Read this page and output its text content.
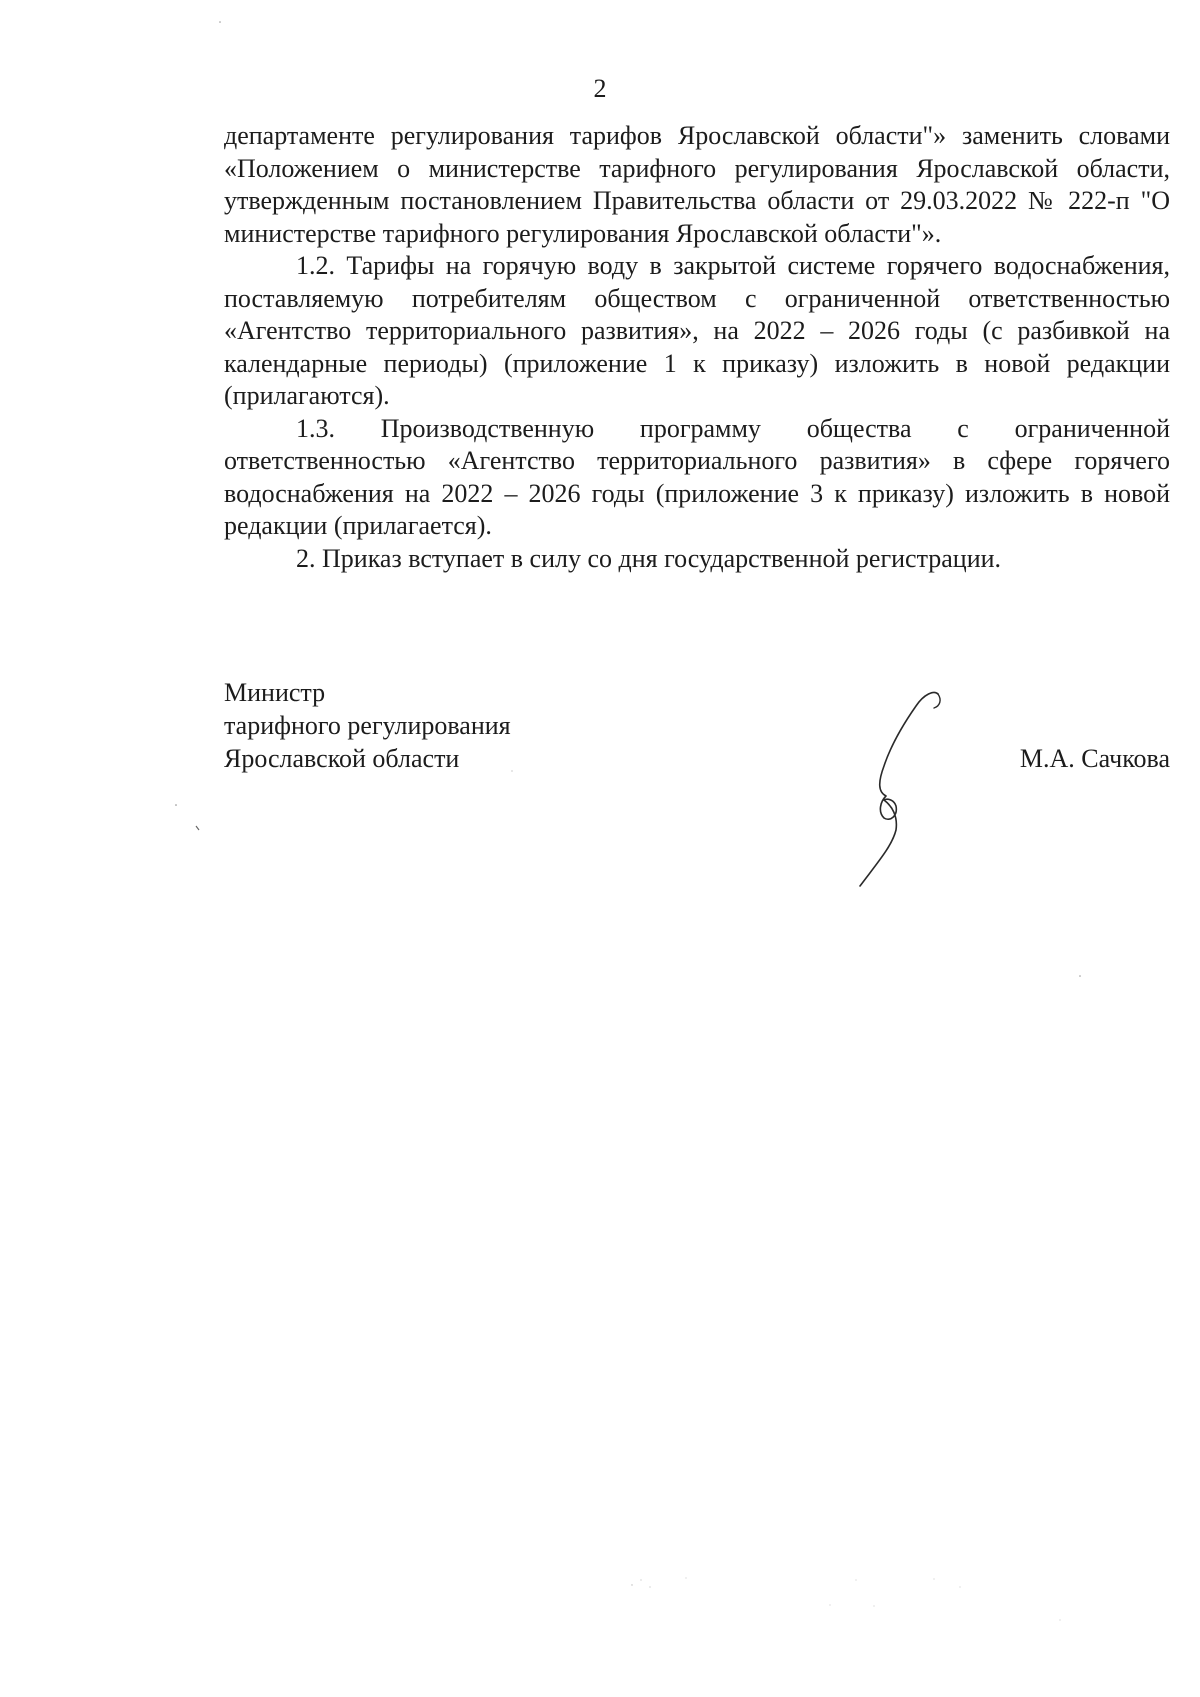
2

департаменте регулирования тарифов Ярославской области"» заменить словами «Положением о министерстве тарифного регулирования Ярославской области, утвержденным постановлением Правительства области от 29.03.2022 № 222-п "О министерстве тарифного регулирования Ярославской области"».

1.2. Тарифы на горячую воду в закрытой системе горячего водоснабжения, поставляемую потребителям обществом с ограниченной ответственностью «Агентство территориального развития», на 2022 – 2026 годы (с разбивкой на календарные периоды) (приложение 1 к приказу) изложить в новой редакции (прилагаются).

1.3. Производственную программу общества с ограниченной ответственностью «Агентство территориального развития» в сфере горячего водоснабжения на 2022 – 2026 годы (приложение 3 к приказу) изложить в новой редакции (прилагается).

2. Приказ вступает в силу со дня государственной регистрации.

Министр
тарифного регулирования
Ярославской области	М.А. Сачкова
